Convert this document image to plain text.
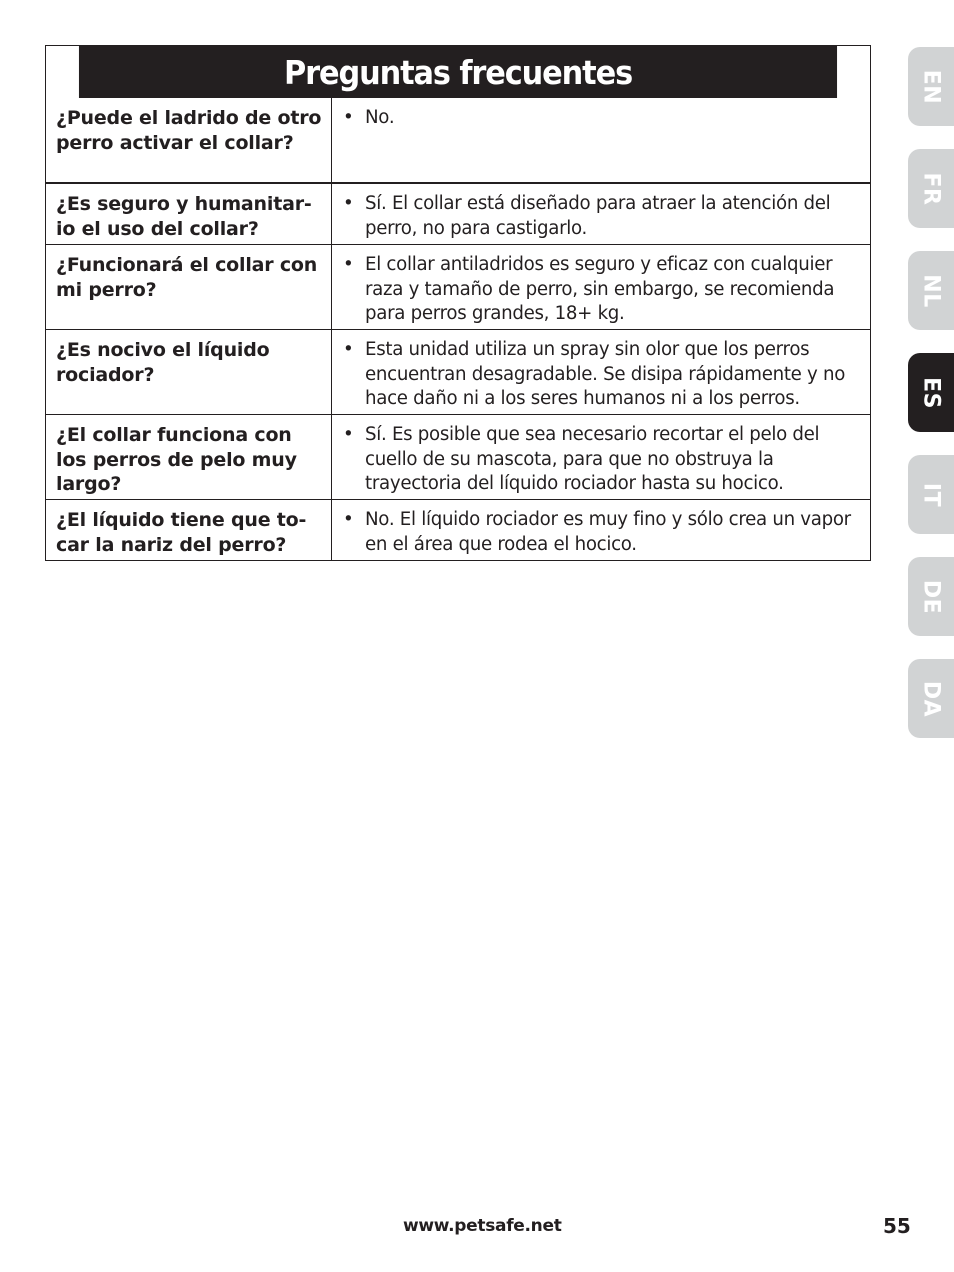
Preguntas frecuentes
¿Puede el ladrido de otro perro activar el collar?
• No.
¿Es seguro y humanitar-io el uso del collar?
• Sí. El collar está diseñado para atraer la atención del perro, no para castigarlo.
¿Funcionará el collar con mi perro?
• El collar antiladridos es seguro y eficaz con cualquier raza y tamaño de perro, sin embargo, se recomienda para perros grandes, 18+ kg.
¿Es nocivo el líquido rociador?
• Esta unidad utiliza un spray sin olor que los perros encuentran desagradable. Se disipa rápidamente y no hace daño ni a los seres humanos ni a los perros.
¿El collar funciona con los perros de pelo muy largo?
• Sí. Es posible que sea necesario recortar el pelo del cuello de su mascota, para que no obstruya la trayectoria del líquido rociador hasta su hocico.
¿El líquido tiene que to-car la nariz del perro?
• No. El líquido rociador es muy fino y sólo crea un vapor en el área que rodea el hocico.
EN
FR
NL
ES
IT
DE
DA
www.petsafe.net	55
